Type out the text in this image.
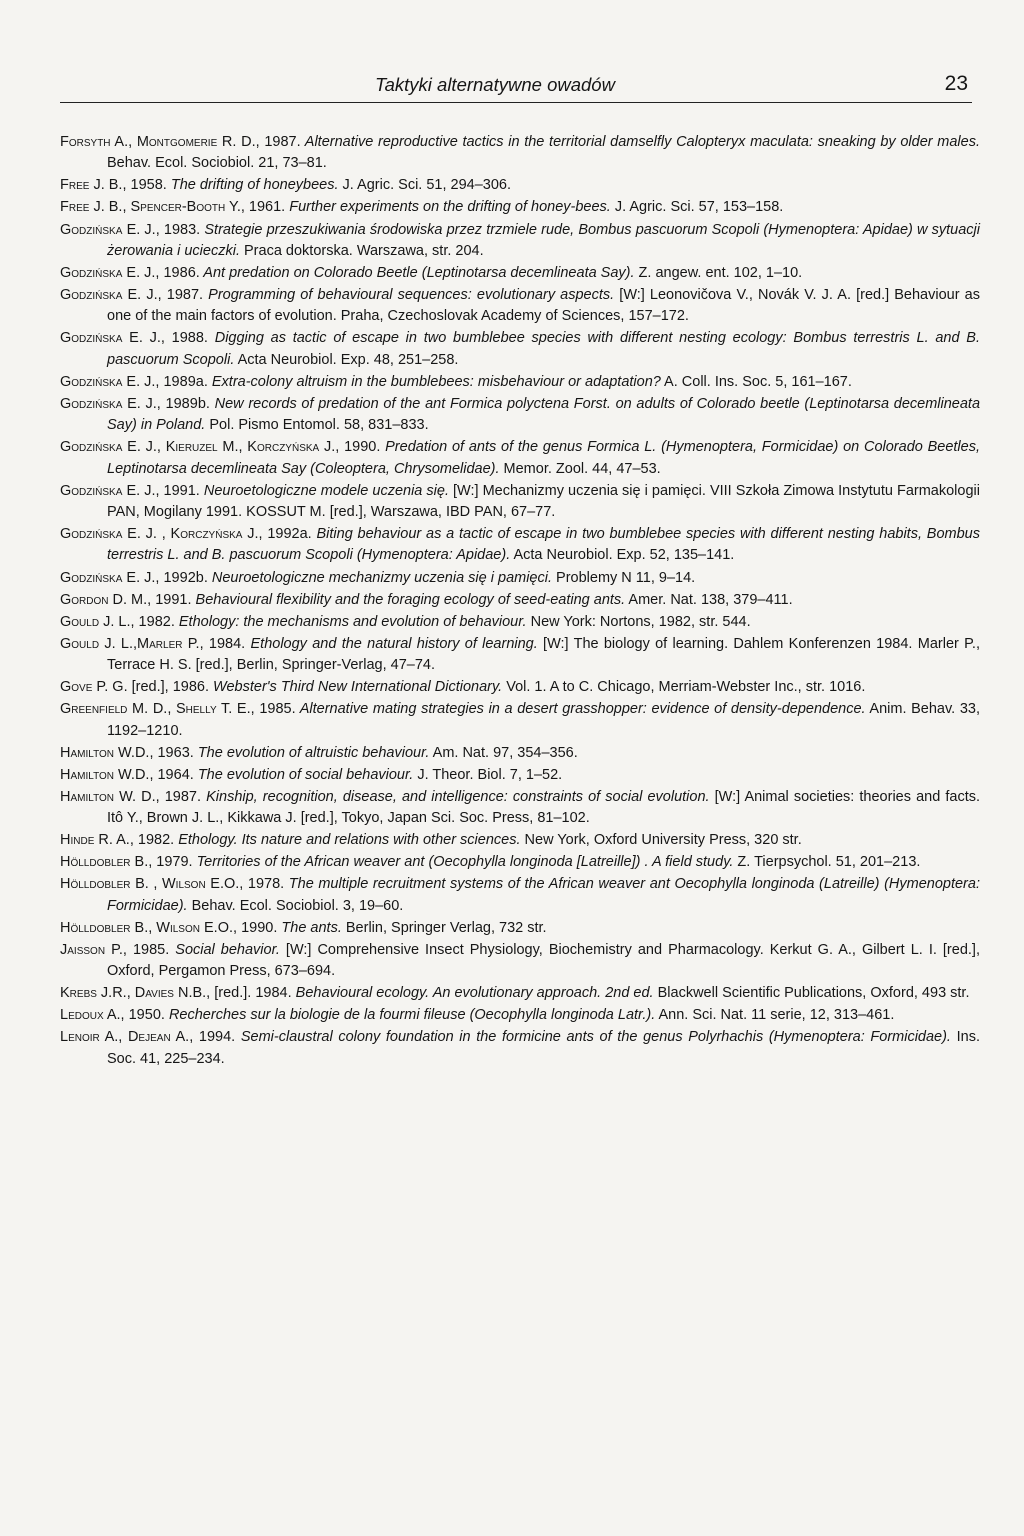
Taktyki alternatywne owadów	23

Forsyth A., Montgomerie R. D., 1987. Alternative reproductive tactics in the territorial damselfly Calopteryx maculata: sneaking by older males. Behav. Ecol. Sociobiol. 21, 73–81.

Free J. B., 1958. The drifting of honeybees. J. Agric. Sci. 51, 294–306.

Free J. B., Spencer-Booth Y., 1961. Further experiments on the drifting of honey-bees. J. Agric. Sci. 57, 153–158.

Godzińska E. J., 1983. Strategie przeszukiwania środowiska przez trzmiele rude, Bombus pascuorum Scopoli (Hymenoptera: Apidae) w sytuacji żerowania i ucieczki. Praca doktorska. Warszawa, str. 204.

Godzińska E. J., 1986. Ant predation on Colorado Beetle (Leptinotarsa decemlineata Say). Z. angew. ent. 102, 1–10.

Godzińska E. J., 1987. Programming of behavioural sequences: evolutionary aspects. [W:] Leonovičova V., Novák V. J. A. [red.] Behaviour as one of the main factors of evolution. Praha, Czechoslovak Academy of Sciences, 157–172.

Godzińska E. J., 1988. Digging as tactic of escape in two bumblebee species with different nesting ecology: Bombus terrestris L. and B. pascuorum Scopoli. Acta Neurobiol. Exp. 48, 251–258.

Godzińska E. J., 1989a. Extra-colony altruism in the bumblebees: misbehaviour or adaptation? A. Coll. Ins. Soc. 5, 161–167.

Godzińska E. J., 1989b. New records of predation of the ant Formica polyctena Forst. on adults of Colorado beetle (Leptinotarsa decemlineata Say) in Poland. Pol. Pismo Entomol. 58, 831–833.

Godzińska E. J., Kieruzel M., Korczyńska J., 1990. Predation of ants of the genus Formica L. (Hymenoptera, Formicidae) on Colorado Beetles, Leptinotarsa decemlineata Say (Coleoptera, Chrysomelidae). Memor. Zool. 44, 47–53.

Godzińska E. J., 1991. Neuroetologiczne modele uczenia się. [W:] Mechanizmy uczenia się i pamięci. VIII Szkoła Zimowa Instytutu Farmakologii PAN, Mogilany 1991. KOSSUT M. [red.], Warszawa, IBD PAN, 67–77.

Godzińska E. J. , Korczyńska J., 1992a. Biting behaviour as a tactic of escape in two bumblebee species with different nesting habits, Bombus terrestris L. and B. pascuorum Scopoli (Hymenoptera: Apidae). Acta Neurobiol. Exp. 52, 135–141.

Godzińska E. J., 1992b. Neuroetologiczne mechanizmy uczenia się i pamięci. Problemy N 11, 9–14.

Gordon D. M., 1991. Behavioural flexibility and the foraging ecology of seed-eating ants. Amer. Nat. 138, 379–411.

Gould J. L., 1982. Ethology: the mechanisms and evolution of behaviour. New York: Nortons, 1982, str. 544.

Gould J. L.,Marler P., 1984. Ethology and the natural history of learning. [W:] The biology of learning. Dahlem Konferenzen 1984. Marler P., Terrace H. S. [red.], Berlin, Springer-Verlag, 47–74.

Gove P. G. [red.], 1986. Webster's Third New International Dictionary. Vol. 1. A to C. Chicago, Merriam-Webster Inc., str. 1016.

Greenfield M. D., Shelly T. E., 1985. Alternative mating strategies in a desert grasshopper: evidence of density-dependence. Anim. Behav. 33, 1192–1210.

Hamilton W.D., 1963. The evolution of altruistic behaviour. Am. Nat. 97, 354–356.

Hamilton W.D., 1964. The evolution of social behaviour. J. Theor. Biol. 7, 1–52.

Hamilton W. D., 1987. Kinship, recognition, disease, and intelligence: constraints of social evolution. [W:] Animal societies: theories and facts. Itô Y., Brown J. L., Kikkawa J. [red.], Tokyo, Japan Sci. Soc. Press, 81–102.

Hinde R. A., 1982. Ethology. Its nature and relations with other sciences. New York, Oxford University Press, 320 str.

Hölldobler B., 1979. Territories of the African weaver ant (Oecophylla longinoda [Latreille]) . A field study. Z. Tierpsychol. 51, 201–213.

Hölldobler B. , Wilson E.O., 1978. The multiple recruitment systems of the African weaver ant Oecophylla longinoda (Latreille) (Hymenoptera: Formicidae). Behav. Ecol. Sociobiol. 3, 19–60.

Hölldobler B., Wilson E.O., 1990. The ants. Berlin, Springer Verlag, 732 str.

Jaisson P., 1985. Social behavior. [W:] Comprehensive Insect Physiology, Biochemistry and Pharmacology. Kerkut G. A., Gilbert L. I. [red.], Oxford, Pergamon Press, 673–694.

Krebs J.R., Davies N.B., [red.]. 1984. Behavioural ecology. An evolutionary approach. 2nd ed. Blackwell Scientific Publications, Oxford, 493 str.

Ledoux A., 1950. Recherches sur la biologie de la fourmi fileuse (Oecophylla longinoda Latr.). Ann. Sci. Nat. 11 serie, 12, 313–461.

Lenoir A., Dejean A., 1994. Semi-claustral colony foundation in the formicine ants of the genus Polyrhachis (Hymenoptera: Formicidae). Ins. Soc. 41, 225–234.
